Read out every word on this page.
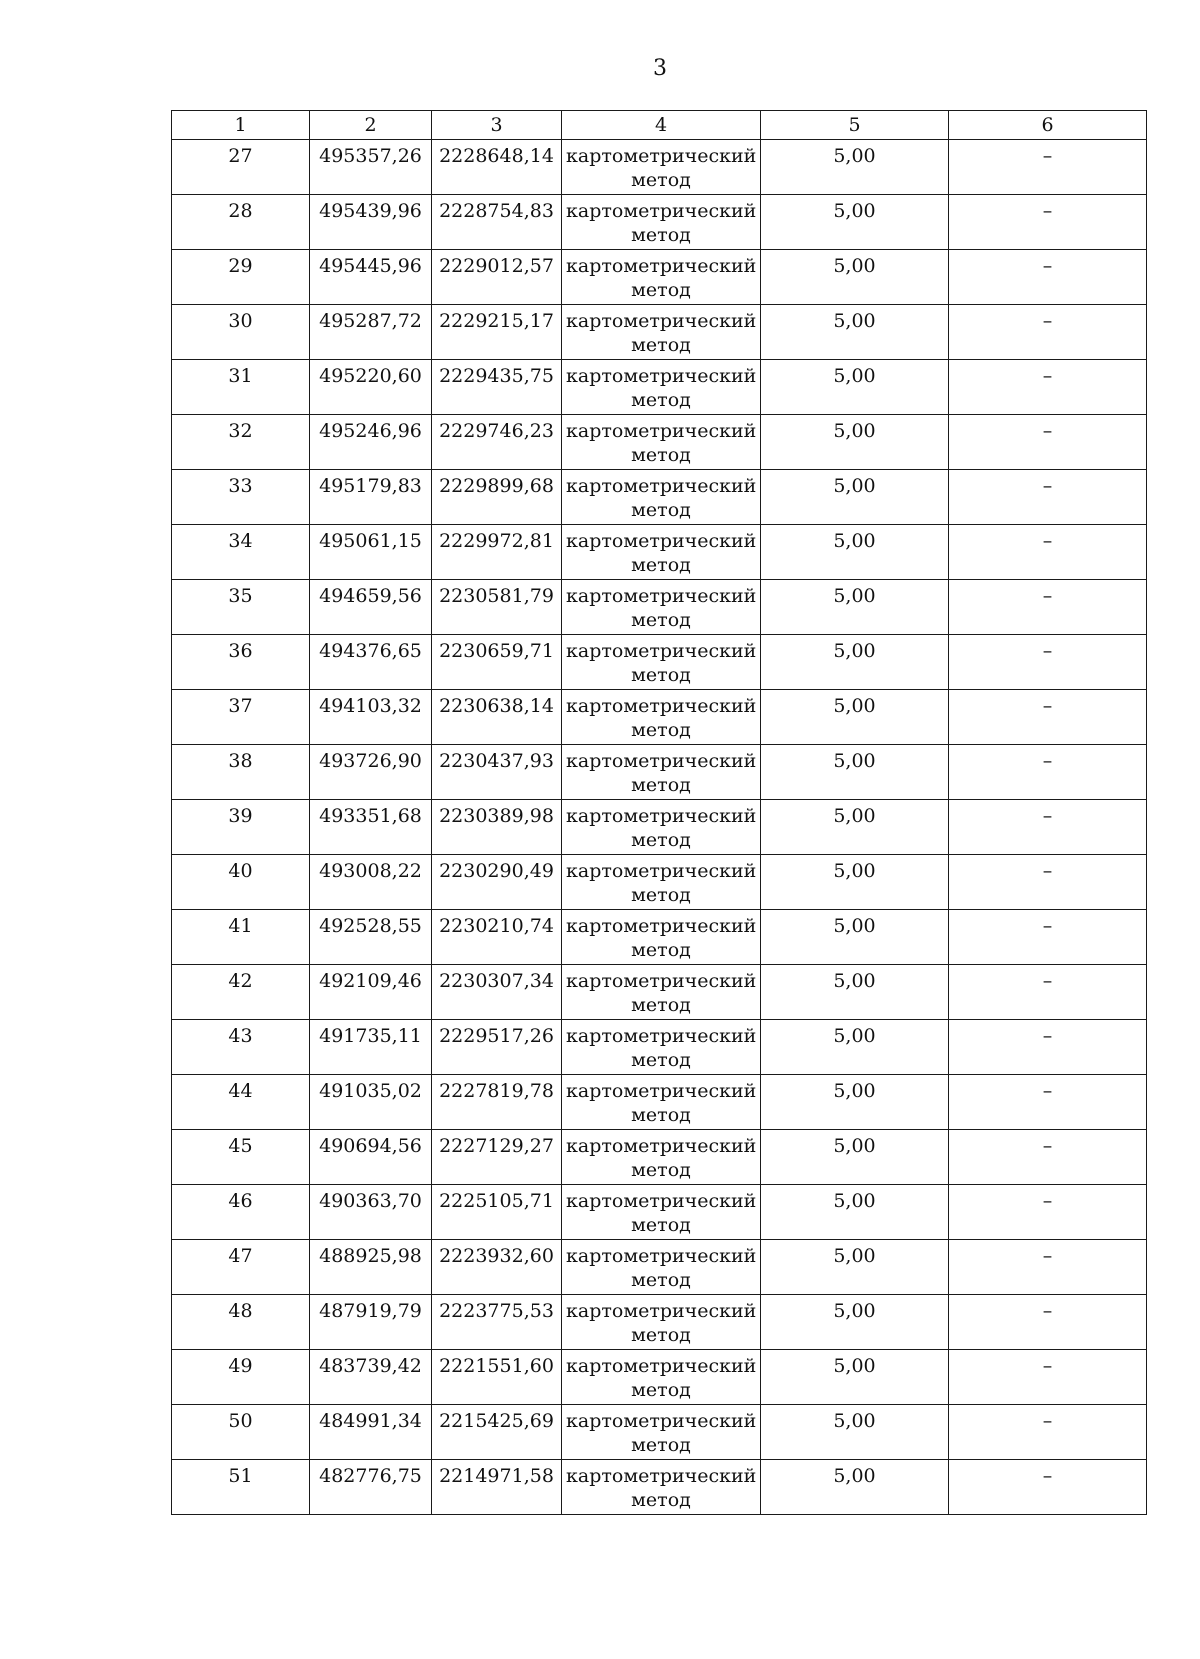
3
1	2	3	4	5	6
27	495357,26	2228648,14	картометрический метод	5,00	–
28	495439,96	2228754,83	картометрический метод	5,00	–
29	495445,96	2229012,57	картометрический метод	5,00	–
30	495287,72	2229215,17	картометрический метод	5,00	–
31	495220,60	2229435,75	картометрический метод	5,00	–
32	495246,96	2229746,23	картометрический метод	5,00	–
33	495179,83	2229899,68	картометрический метод	5,00	–
34	495061,15	2229972,81	картометрический метод	5,00	–
35	494659,56	2230581,79	картометрический метод	5,00	–
36	494376,65	2230659,71	картометрический метод	5,00	–
37	494103,32	2230638,14	картометрический метод	5,00	–
38	493726,90	2230437,93	картометрический метод	5,00	–
39	493351,68	2230389,98	картометрический метод	5,00	–
40	493008,22	2230290,49	картометрический метод	5,00	–
41	492528,55	2230210,74	картометрический метод	5,00	–
42	492109,46	2230307,34	картометрический метод	5,00	–
43	491735,11	2229517,26	картометрический метод	5,00	–
44	491035,02	2227819,78	картометрический метод	5,00	–
45	490694,56	2227129,27	картометрический метод	5,00	–
46	490363,70	2225105,71	картометрический метод	5,00	–
47	488925,98	2223932,60	картометрический метод	5,00	–
48	487919,79	2223775,53	картометрический метод	5,00	–
49	483739,42	2221551,60	картометрический метод	5,00	–
50	484991,34	2215425,69	картометрический метод	5,00	–
51	482776,75	2214971,58	картометрический метод	5,00	–
